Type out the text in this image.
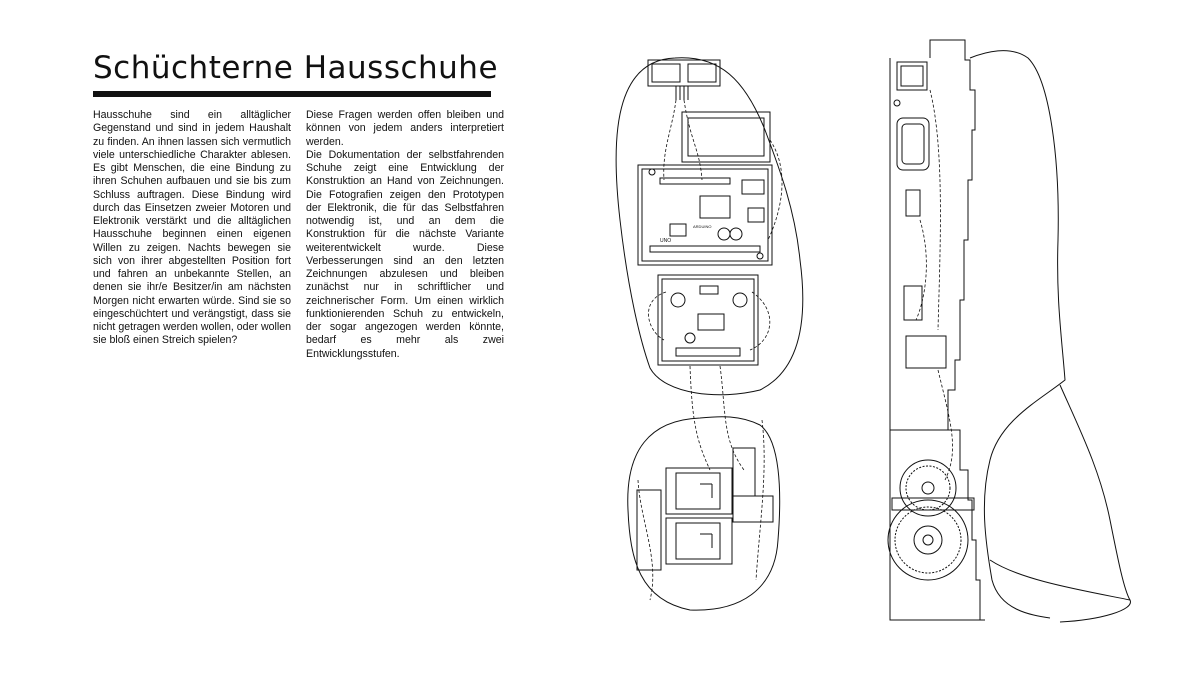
Schüchterne Hausschuhe

Hausschuhe sind ein alltäglicher Gegenstand und sind in jedem Haushalt zu finden. An ihnen lassen sich vermutlich viele unterschiedliche Charakter ablesen. Es gibt Menschen, die eine Bindung zu ihren Schuhen aufbauen und sie bis zum Schluss auftragen. Diese Bindung wird durch das Einsetzen zweier Motoren und Elektronik verstärkt und die alltäglichen Hausschuhe beginnen einen eigenen Willen zu zeigen. Nachts bewegen sie sich von ihrer abgestellten Position fort und fahren an unbekannte Stellen, an denen sie ihr/e Besitzer/in am nächsten Morgen nicht erwarten würde. Sind sie so eingeschüchtert und verängstigt, dass sie nicht getragen werden wollen, oder wollen sie bloß einen Streich spielen?

Diese Fragen werden offen bleiben und können von jedem anders interpretiert werden.

Die Dokumentation der selbstfahrenden Schuhe zeigt eine Entwicklung der Konstruktion an Hand von Zeichnungen. Die Fotografien zeigen den Prototypen der Elektronik, die für das Selbstfahren notwendig ist, und an dem die Konstruktion für die nächste Variante weiterentwickelt wurde. Diese Verbesserungen sind an den letzten Zeichnungen abzulesen und bleiben zunächst nur in schriftlicher und zeichnerischer Form. Um einen wirklich funktionierenden Schuh zu entwickeln, der sogar angezogen werden könnte, bedarf es mehr als zwei Entwicklungsstufen.

UNO
ARDUINO
